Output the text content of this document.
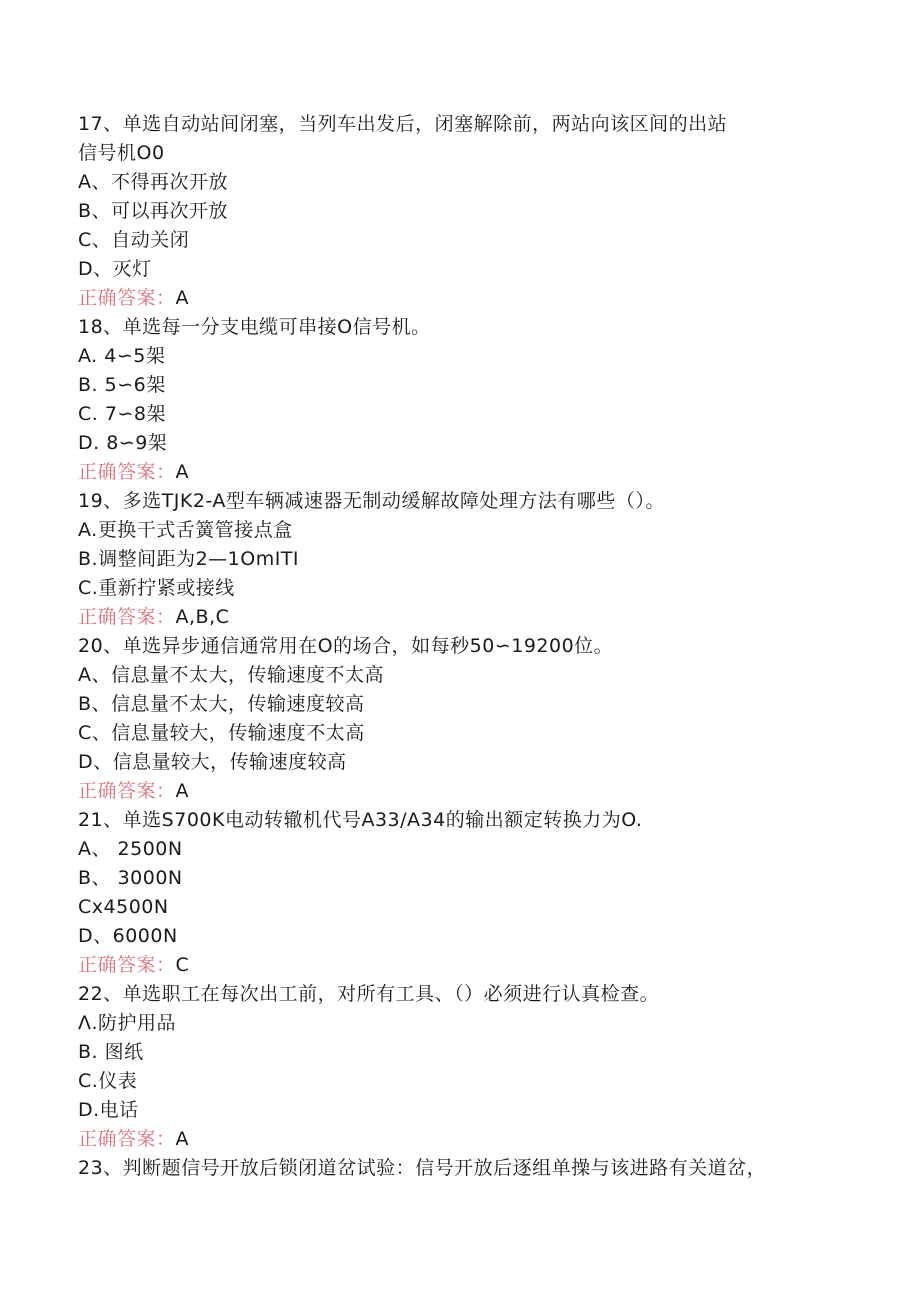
17、单选自动站间闭塞，当列车出发后，闭塞解除前，两站向该区间的出站
信号机O0
A、不得再次开放
B、可以再次开放
C、自动关闭
D、灭灯
正确答案：A
18、单选每一分支电缆可串接O信号机。
A. 4∽5架
B. 5∽6架
C. 7∽8架
D. 8∽9架
正确答案：A
19、多选TJK2-A型车辆减速器无制动缓解故障处理方法有哪些（）。
A.更换干式舌簧管接点盒
B.调整间距为2—1OmITI
C.重新拧紧或接线
正确答案：A,B,C
20、单选异步通信通常用在O的场合，如每秒50∽19200位。
A、信息量不太大，传输速度不太高
B、信息量不太大，传输速度较高
C、信息量较大，传输速度不太高
D、信息量较大，传输速度较高
正确答案：A
21、单选S700K电动转辙机代号A33/A34的输出额定转换力为O.
A、 2500N
B、 3000N
Cx4500N
D、6000N
正确答案：C
22、单选职工在每次出工前，对所有工具、（）必须进行认真检查。
Λ.防护用品
B. 图纸
C.仪表
D.电话
正确答案：A
23、判断题信号开放后锁闭道岔试验：信号开放后逐组单操与该进路有关道岔，
